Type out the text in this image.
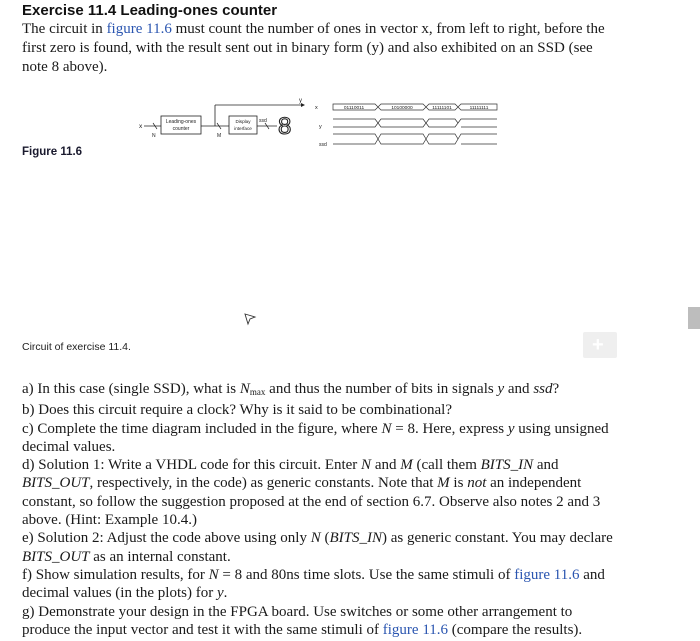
Exercise 11.4 Leading-ones counter
The circuit in figure 11.6 must count the number of ones in vector x, from left to right, before the first zero is found, with the result sent out in binary form (y) and also exhibited on an SSD (see note 8 above).
Figure 11.6
x
N
Leading-ones
counter
M
y
Display
interface
ssd 8
x
y
ssd
01110011	10100000	11111101	11111111
+
Circuit of exercise 11.4.

a) In this case (single SSD), what is $N_{max}$ and thus the number of bits in signals y and ssd?

b) Does this circuit require a clock? Why is it said to be combinational?

c) Complete the time diagram included in the figure, where N = 8. Here, express y using unsigned decimal values.

d) Solution 1: Write a VHDL code for this circuit. Enter N and M (call them BITS_IN and BITS_OUT, respectively, in the code) as generic constants. Note that M is not an independent constant, so follow the suggestion proposed at the end of section 6.7. Observe also notes 2 and 3 above. (Hint: Example 10.4.)

e) Solution 2: Adjust the code above using only N (BITS_IN) as generic constant. You may declare BITS_OUT as an internal constant.

f) Show simulation results, for N = 8 and 80ns time slots. Use the same stimuli of figure 11.6 and decimal values (in the plots) for y.

g) Demonstrate your design in the FPGA board. Use switches or some other arrangement to produce the input vector and test it with the same stimuli of figure 11.6 (compare the results).
